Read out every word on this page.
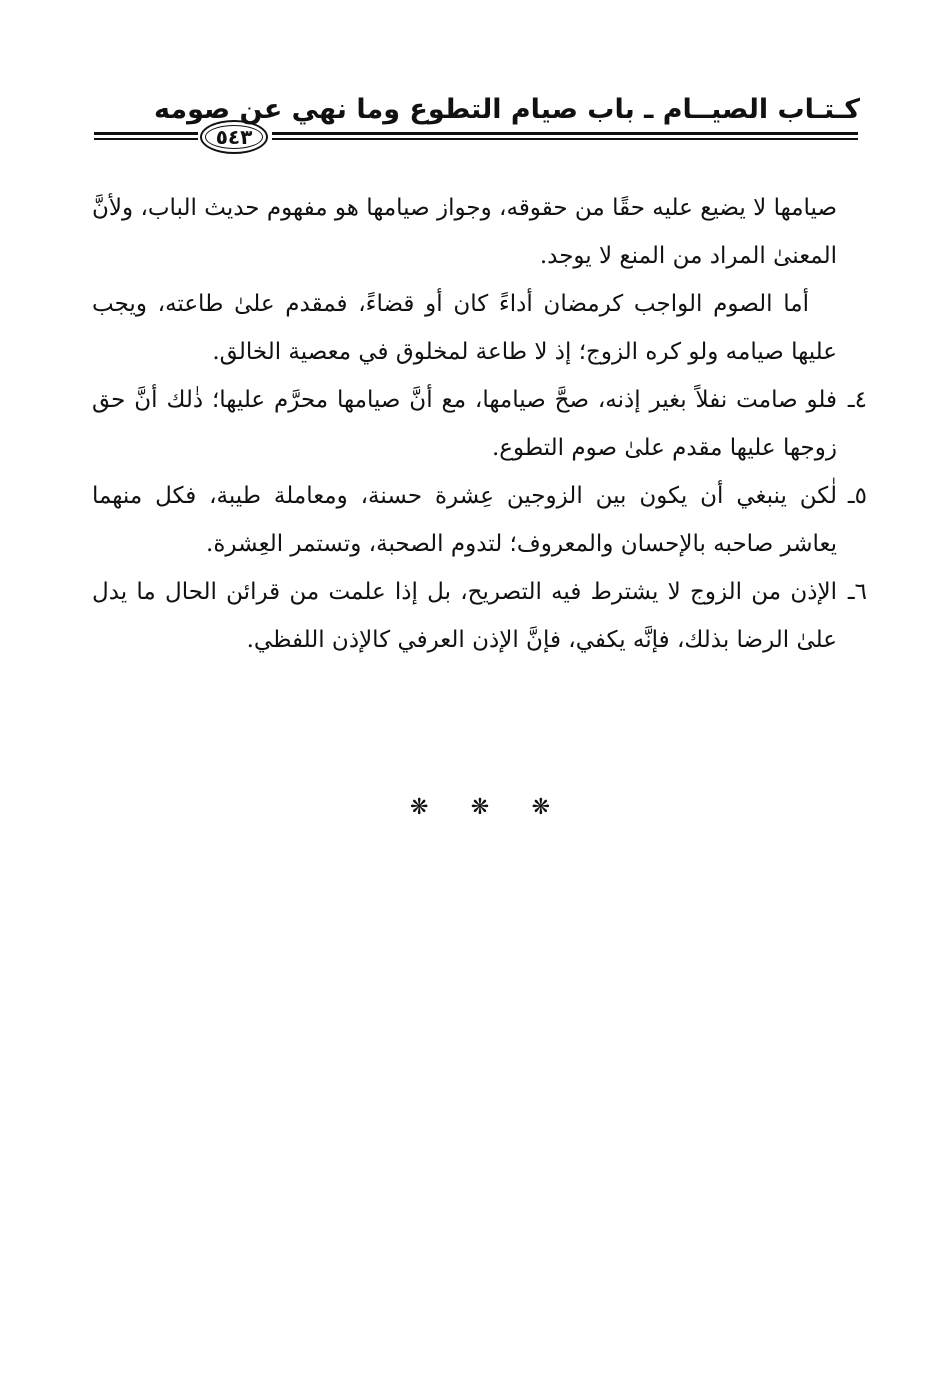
كـتـاب الصيــام ـ باب صيام التطوع وما نهي عن صومه
٥٤٣

صيامها لا يضيع عليه حقًا من حقوقه، وجواز صيامها هو مفهوم حديث الباب، ولأنَّ المعنىٰ المراد من المنع لا يوجد.

أما الصوم الواجب كرمضان أداءً كان أو قضاءً، فمقدم علىٰ طاعته، ويجب عليها صيامه ولو كره الزوج؛ إذ لا طاعة لمخلوق في معصية الخالق.

٤ـ
فلو صامت نفلاً بغير إذنه، صحَّ صيامها، مع أنَّ صيامها محرَّم عليها؛ ذٰلك أنَّ حق زوجها عليها مقدم علىٰ صوم التطوع.
٥ـ
لٰكن ينبغي أن يكون بين الزوجين عِشرة حسنة، ومعاملة طيبة، فكل منهما يعاشر صاحبه بالإحسان والمعروف؛ لتدوم الصحبة، وتستمر العِشرة.
٦ـ
الإذن من الزوج لا يشترط فيه التصريح، بل إذا علمت من قرائن الحال ما يدل علىٰ الرضا بذلك، فإنَّه يكفي، فإنَّ الإذن العرفي كالإذن اللفظي.
❋ ❋ ❋
